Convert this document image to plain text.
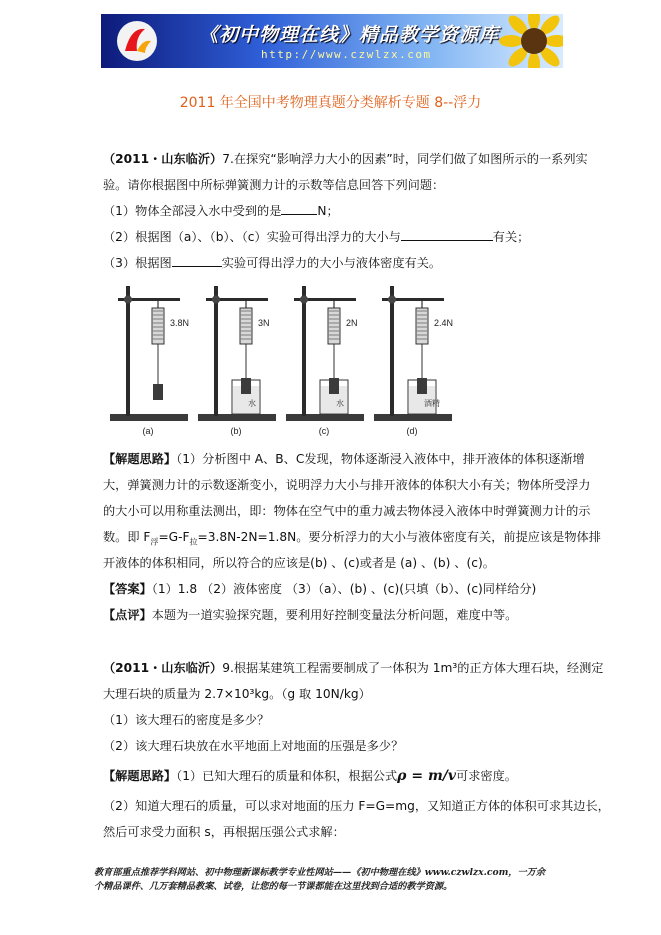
《初中物理在线》精品教学资源库
http://www.czwlzx.com
2011 年全国中考物理真题分类解析专题 8--浮力
（2011・山东临沂）7.在探究“影响浮力大小的因素”时，同学们做了如图所示的一系列实
验。请你根据图中所标弹簧测力计的示数等信息回答下列问题：
（1）物体全部浸入水中受到的是	N；
（2）根据图（a）、（b）、（c）实验可得出浮力的大小与	有关；
（3）根据图	实验可得出浮力的大小与液体密度有关。
3.8N
(a)
3N
水
(b)
2N
水
(c)
2.4N
酒精
(d)
【解题思路】（1）分析图中 A、B、C发现，物体逐渐浸入液体中，排开液体的体积逐渐增
大，弹簧测力计的示数逐渐变小，说明浮力大小与排开液体的体积大小有关；物体所受浮力
的大小可以用称重法测出，即：物体在空气中的重力减去物体浸入液体中时弹簧测力计的示
数。即 $F_浮=G-F_拉=3.8N-2N=1.8N$。要分析浮力的大小与液体密度有关，前提应该是物体排
开液体的体积相同，所以符合的应该是(b) 、(c)或者是 (a) 、(b) 、(c)。
【答案】（1）1.8 （2）液体密度 （3）（a）、(b) 、(c)(只填（b）、(c)同样给分)
【点评】本题为一道实验探究题，要利用好控制变量法分析问题，难度中等。
（2011・山东临沂）9.根据某建筑工程需要制成了一体积为 1m³的正方体大理石块，经测定
大理石块的质量为 2.7×10³kg。（g 取 10N/kg）
（1）该大理石的密度是多少？
（2）该大理石块放在水平地面上对地面的压强是多少？
【解题思路】（1）已知大理石的质量和体积，根据公式ρ = m/v可求密度。
（2）知道大理石的质量，可以求对地面的压力 F=G=mg，又知道正方体的体积可求其边长，
然后可求受力面积 s，再根据压强公式求解：
教育部重点推荐学科网站、初中物理新课标教学专业性网站——《初中物理在线》www.czwlzx.com，一万余
个精品课件、几万套精品教案、试卷，让您的每一节课都能在这里找到合适的教学资源。
